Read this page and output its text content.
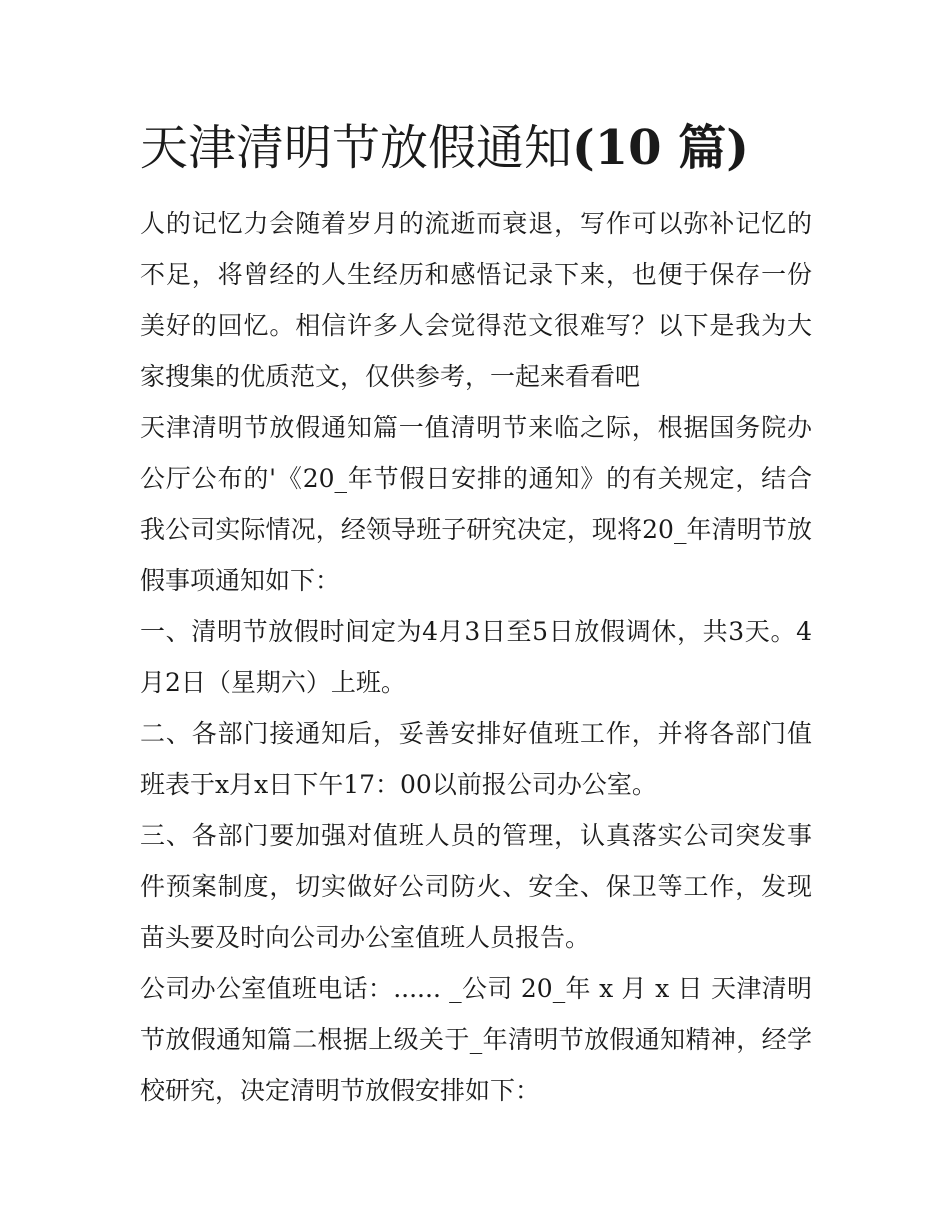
天津清明节放假通知(10 篇)

人的记忆力会随着岁月的流逝而衰退，写作可以弥补记忆的不足，将曾经的人生经历和感悟记录下来，也便于保存一份美好的回忆。相信许多人会觉得范文很难写？以下是我为大家搜集的优质范文，仅供参考，一起来看看吧

天津清明节放假通知篇一值清明节来临之际，根据国务院办公厅公布的'《20_年节假日安排的通知》的有关规定，结合我公司实际情况，经领导班子研究决定，现将20_年清明节放假事项通知如下：

一、清明节放假时间定为4月3日至5日放假调休，共3天。4月2日（星期六）上班。

二、各部门接通知后，妥善安排好值班工作，并将各部门值班表于x月x日下午17：00以前报公司办公室。

三、各部门要加强对值班人员的管理，认真落实公司突发事件预案制度，切实做好公司防火、安全、保卫等工作，发现苗头要及时向公司办公室值班人员报告。

公司办公室值班电话：...... _公司 20_年 x 月 x 日 天津清明节放假通知篇二根据上级关于_年清明节放假通知精神，经学校研究，决定清明节放假安排如下：
